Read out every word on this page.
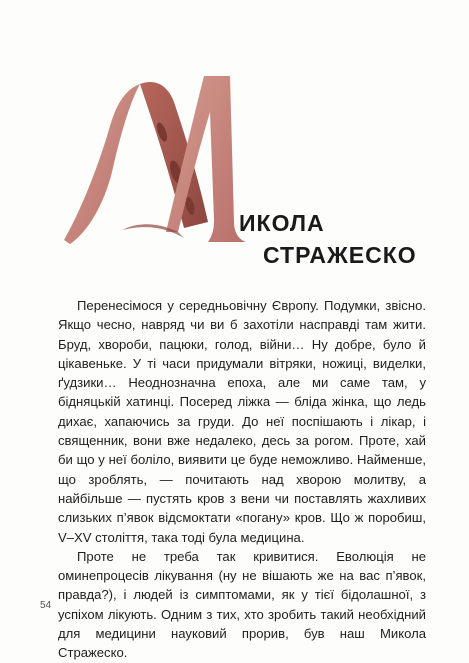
ИКОЛА
СТРАЖЕСКО

Перенесімося у середньовічну Європу. Подумки, звісно. Якщо чесно, навряд чи ви б захотіли насправді там жити. Бруд, хвороби, пацюки, голод, війни… Ну добре, було й цікавеньке. У ті часи придумали вітряки, ножиці, виделки, ґудзики… Неоднозначна епоха, але ми саме там, у бідняцькій хатинці. Посеред ліжка — бліда жінка, що ледь дихає, хапаючись за груди. До неї поспішають і лікар, і священник, вони вже недалеко, десь за рогом. Проте, хай би що у неї боліло, виявити це буде неможливо. Найменше, що зроблять, — почитають над хворою молитву, а найбільше — пустять кров з вени чи поставлять жахливих слизьких п’явок відсмоктати «погану» кров. Що ж поробиш, V–XV століття, така тоді була медицина.

Проте не треба так кривитися. Еволюція не оминепроцесів лікування (ну не вішають же на вас п’явок, правда?), і людей із симптомами, як у тієї бідолашної, з успіхом лікують. Одним з тих, хто зробить такий необхідний для медицини науковий прорив, був наш Микола Стражеско.

54
